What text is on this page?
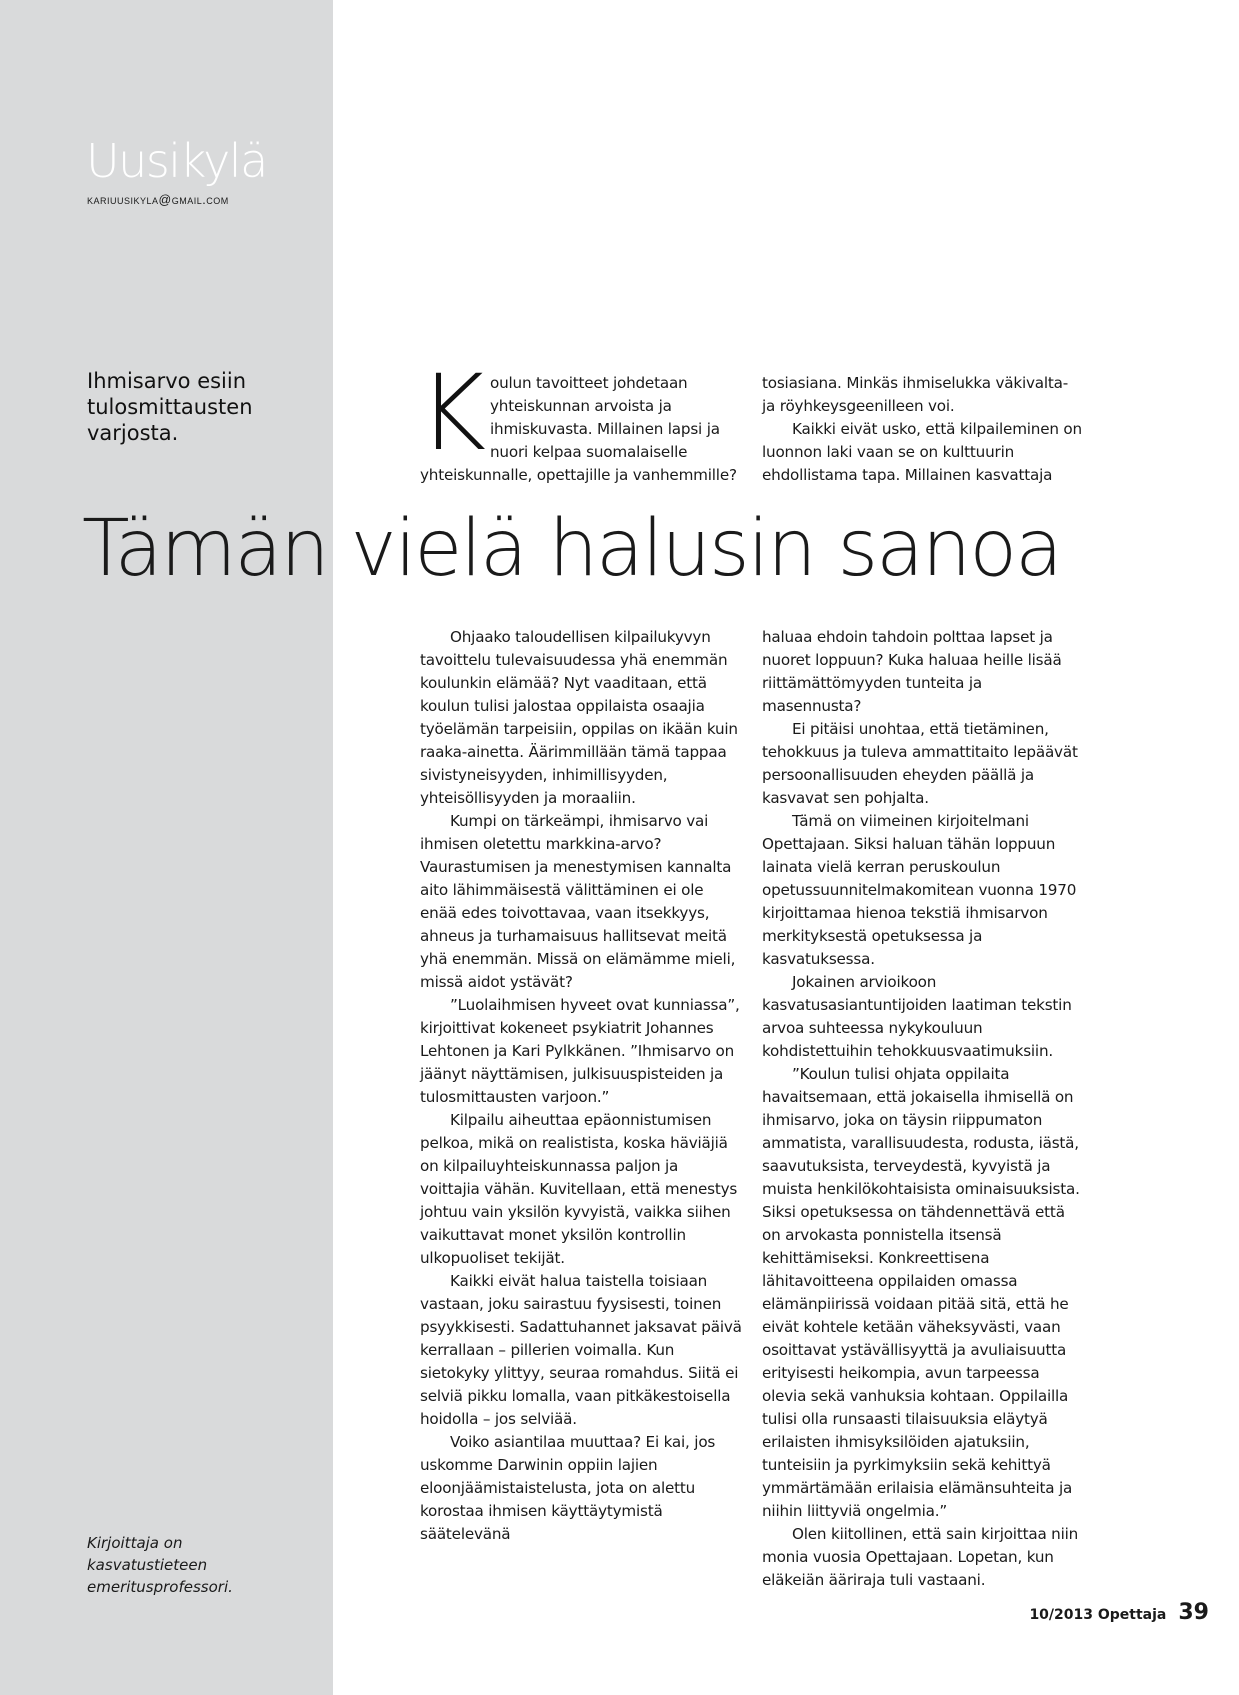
Uusikylä
kariuusikyla@gmail.com
Ihmisarvo esiin tulosmittausten varjosta.
Kirjoittaja on kasvatustieteen emeritusprofessori.
K oulun tavoitteet johdetaan yhteiskunnan arvoista ja ihmiskuvasta. Millainen lapsi ja nuori kelpaa suomalaiselle yhteiskunnalle, opettajille ja vanhemmille?

tosiasiana. Minkäs ihmiselukka väkivalta- ja röyhkeysgeenilleen voi.

Kaikki eivät usko, että kilpaileminen on luonnon laki vaan se on kulttuurin ehdollistama tapa. Millainen kasvattaja

Tämän vielä halusin sanoa

Ohjaako taloudellisen kilpailukyvyn tavoittelu tulevaisuudessa yhä enemmän koulunkin elämää? Nyt vaaditaan, että koulun tulisi jalostaa oppilaista osaajia työelämän tarpeisiin, oppilas on ikään kuin raaka-ainetta. Äärimmillään tämä tappaa sivistyneisyyden, inhimillisyyden, yhteisöllisyyden ja moraaliin.

Kumpi on tärkeämpi, ihmisarvo vai ihmisen oletettu markkina-arvo? Vaurastumisen ja menestymisen kannalta aito lähimmäisestä välittäminen ei ole enää edes toivottavaa, vaan itsekkyys, ahneus ja turhamaisuus hallitsevat meitä yhä enemmän. Missä on elämämme mieli, missä aidot ystävät?

”Luolaihmisen hyveet ovat kunniassa”, kirjoittivat kokeneet psykiatrit Johannes Lehtonen ja Kari Pylkkänen. ”Ihmisarvo on jäänyt näyttämisen, julkisuuspisteiden ja tulosmittausten varjoon.”

Kilpailu aiheuttaa epäonnistumisen pelkoa, mikä on realistista, koska häviäjiä on kilpailuyhteiskunnassa paljon ja voittajia vähän. Kuvitellaan, että menestys johtuu vain yksilön kyvyistä, vaikka siihen vaikuttavat monet yksilön kontrollin ulkopuoliset tekijät.

Kaikki eivät halua taistella toisiaan vastaan, joku sairastuu fyysisesti, toinen psyykkisesti. Sadattuhannet jaksavat päivä kerrallaan – pillerien voimalla. Kun sietokyky ylittyy, seuraa romahdus. Siitä ei selviä pikku lomalla, vaan pitkäkestoisella hoidolla – jos selviää.

Voiko asiantilaa muuttaa? Ei kai, jos uskomme Darwinin oppiin lajien eloonjäämistaistelusta, jota on alettu korostaa ihmisen käyttäytymistä säätelevänä

haluaa ehdoin tahdoin polttaa lapset ja nuoret loppuun? Kuka haluaa heille lisää riittämättömyyden tunteita ja masennusta?

Ei pitäisi unohtaa, että tietäminen, tehokkuus ja tuleva ammattitaito lepäävät persoonallisuuden eheyden päällä ja kasvavat sen pohjalta.

Tämä on viimeinen kirjoitelmani Opettajaan. Siksi haluan tähän loppuun lainata vielä kerran peruskoulun opetussuunnitelmakomitean vuonna 1970 kirjoittamaa hienoa tekstiä ihmisarvon merkityksestä opetuksessa ja kasvatuksessa.

Jokainen arvioikoon kasvatusasiantuntijoiden laatiman tekstin arvoa suhteessa nykykouluun kohdistettuihin tehokkuusvaatimuksiin.

”Koulun tulisi ohjata oppilaita havaitsemaan, että jokaisella ihmisellä on ihmisarvo, joka on täysin riippumaton ammatista, varallisuudesta, rodusta, iästä, saavutuksista, terveydestä, kyvyistä ja muista henkilökohtaisista ominaisuuksista. Siksi opetuksessa on tähdennettävä että on arvokasta ponnistella itsensä kehittämiseksi. Konkreettisena lähitavoitteena oppilaiden omassa elämänpiirissä voidaan pitää sitä, että he eivät kohtele ketään väheksyvästi, vaan osoittavat ystävällisyyttä ja avuliaisuutta erityisesti heikompia, avun tarpeessa olevia sekä vanhuksia kohtaan. Oppilailla tulisi olla runsaasti tilaisuuksia eläytyä erilaisten ihmisyksilöiden ajatuksiin, tunteisiin ja pyrkimyksiin sekä kehittyä ymmärtämään erilaisia elämänsuhteita ja niihin liittyviä ongelmia.”

Olen kiitollinen, että sain kirjoittaa niin monia vuosia Opettajaan. Lopetan, kun eläkeiän ääriraja tuli vastaani.

10/2013 Opettaja 39
